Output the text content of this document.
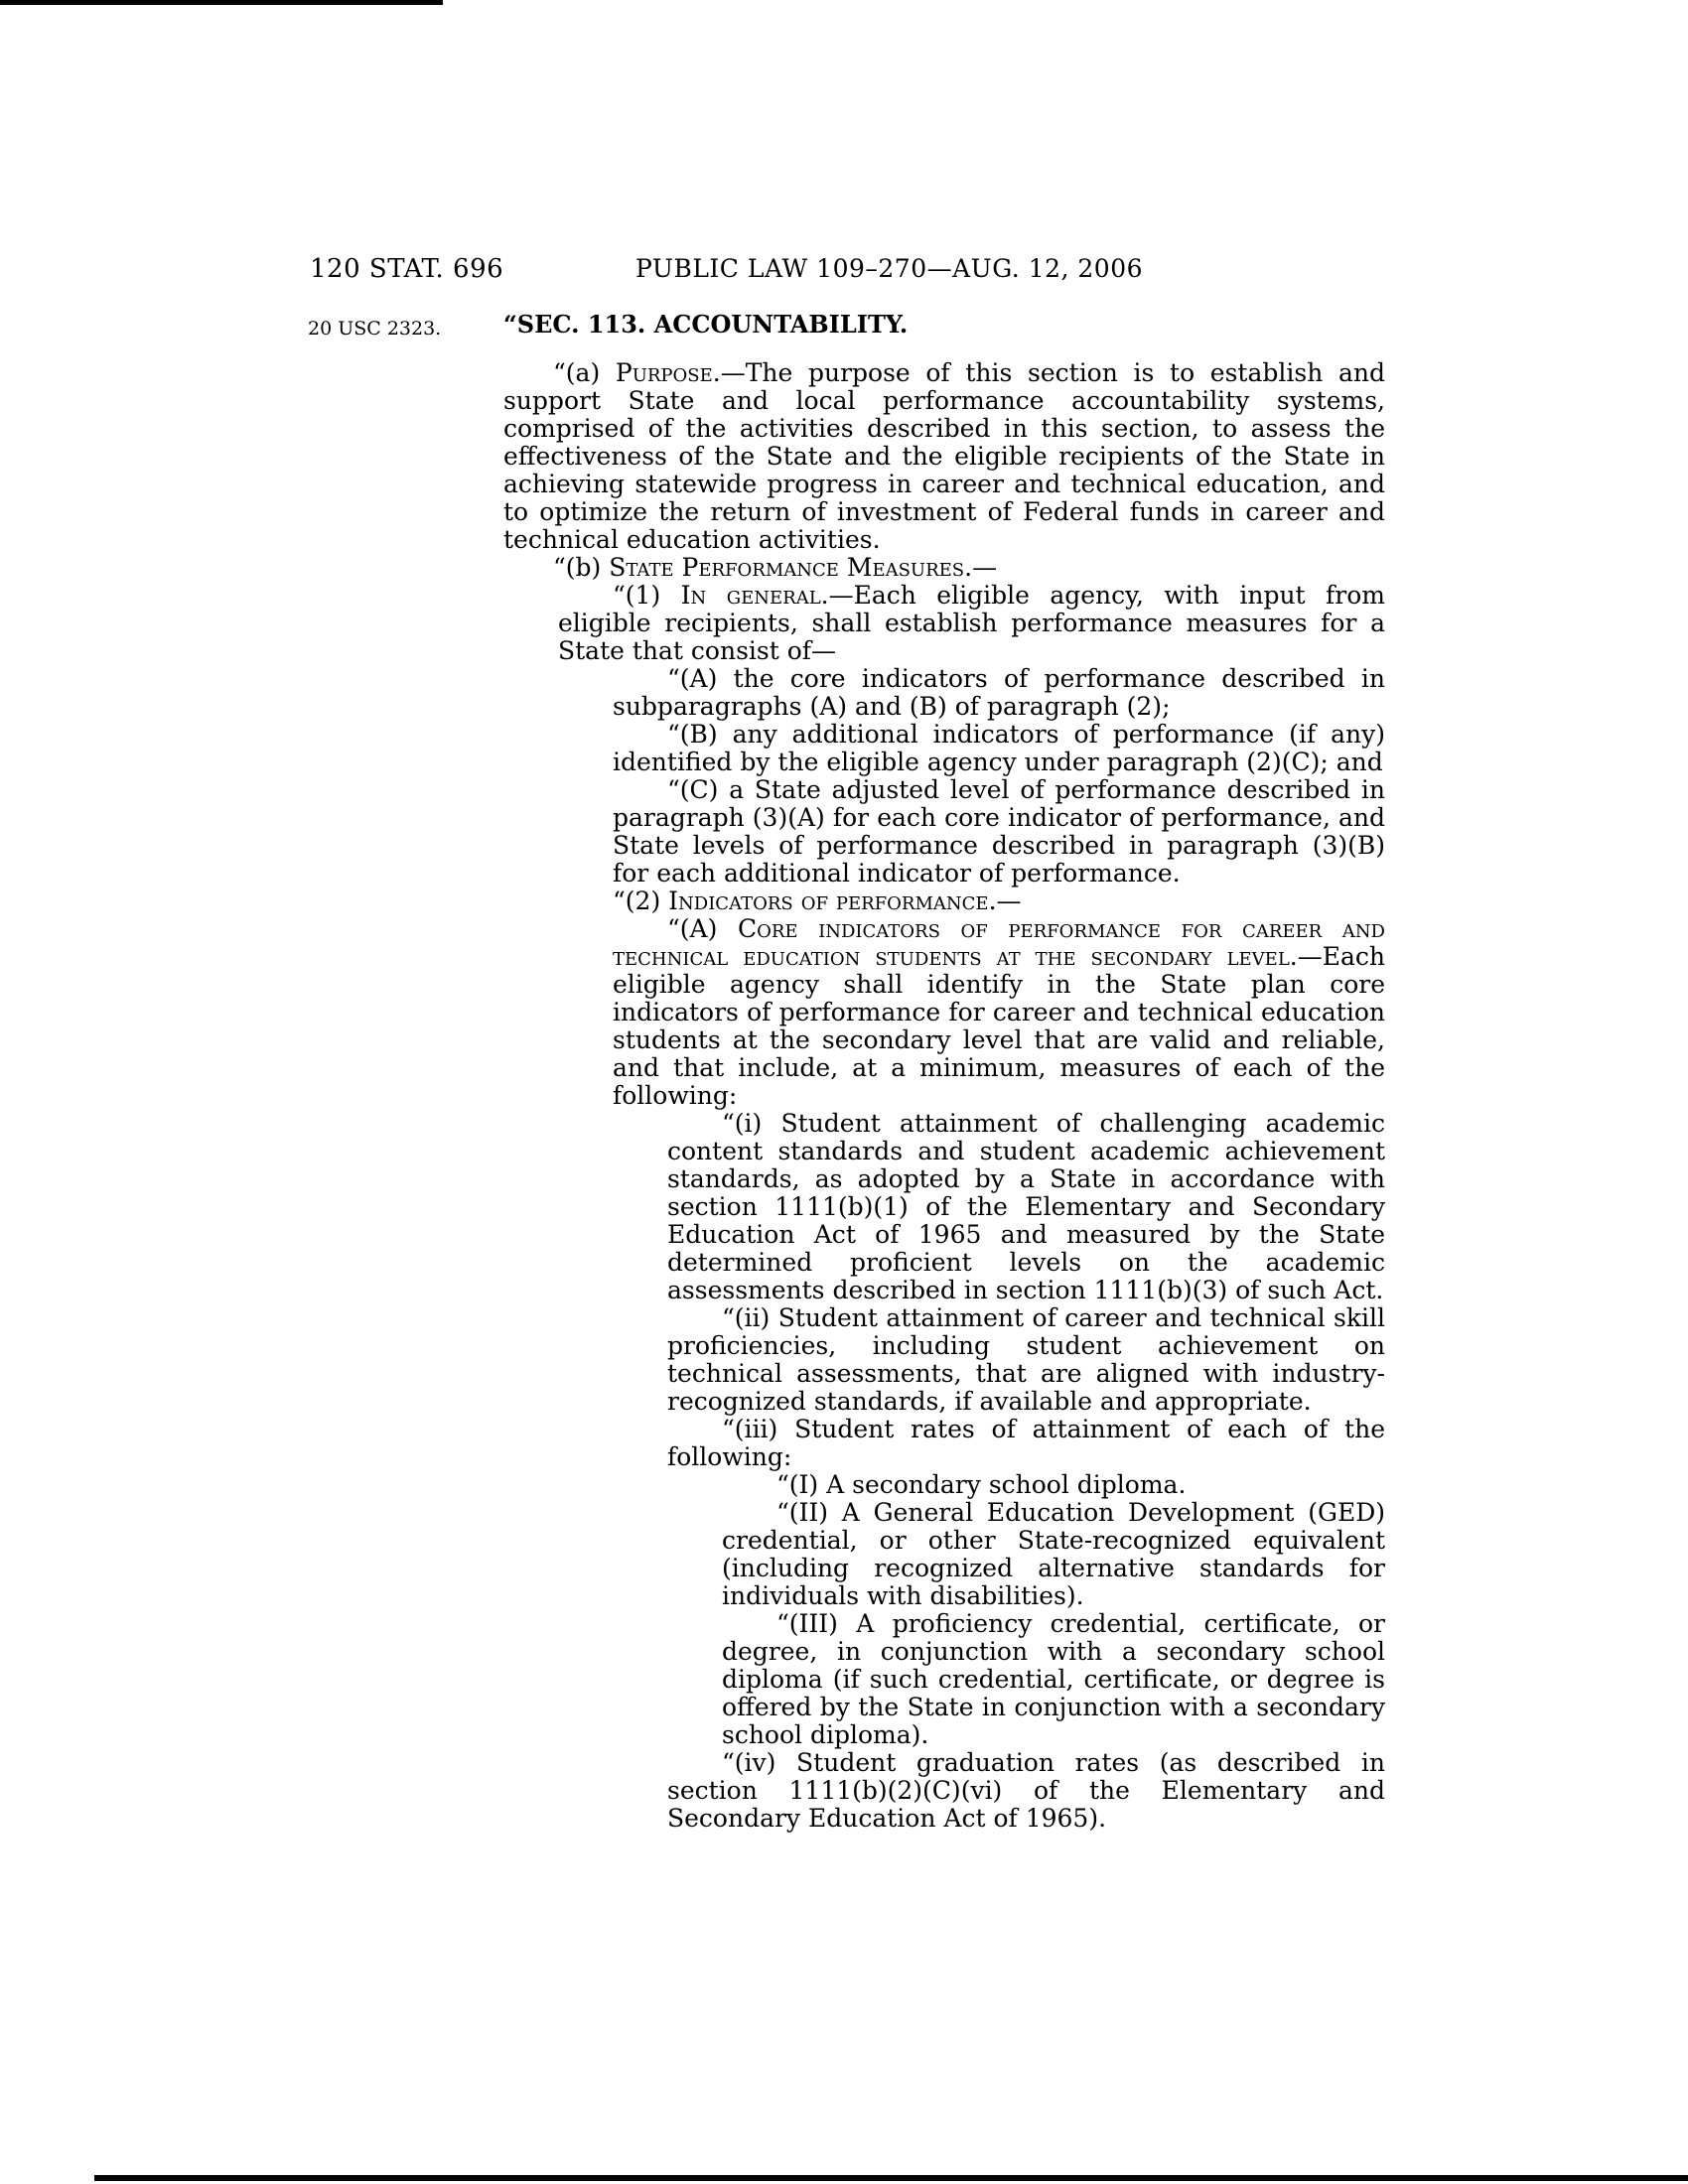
120 STAT. 696	PUBLIC LAW 109–270—AUG. 12, 2006
20 USC 2323.	“SEC. 113. ACCOUNTABILITY.

“(a) Purpose.—The purpose of this section is to establish and support State and local performance accountability systems, comprised of the activities described in this section, to assess the effectiveness of the State and the eligible recipients of the State in achieving statewide progress in career and technical education, and to optimize the return of investment of Federal funds in career and technical education activities.

“(b) State Performance Measures.—

“(1) In general.—Each eligible agency, with input from eligible recipients, shall establish performance measures for a State that consist of—

“(A) the core indicators of performance described in subparagraphs (A) and (B) of paragraph (2);

“(B) any additional indicators of performance (if any) identified by the eligible agency under paragraph (2)(C); and

“(C) a State adjusted level of performance described in paragraph (3)(A) for each core indicator of performance, and State levels of performance described in paragraph (3)(B) for each additional indicator of performance.

“(2) Indicators of performance.—

“(A) Core indicators of performance for career and technical education students at the secondary level.—Each eligible agency shall identify in the State plan core indicators of performance for career and technical education students at the secondary level that are valid and reliable, and that include, at a minimum, measures of each of the following:

“(i) Student attainment of challenging academic content standards and student academic achievement standards, as adopted by a State in accordance with section 1111(b)(1) of the Elementary and Secondary Education Act of 1965 and measured by the State determined proficient levels on the academic assessments described in section 1111(b)(3) of such Act.

“(ii) Student attainment of career and technical skill proficiencies, including student achievement on technical assessments, that are aligned with industry-recognized standards, if available and appropriate.

“(iii) Student rates of attainment of each of the following:

“(I) A secondary school diploma.

“(II) A General Education Development (GED) credential, or other State-recognized equivalent (including recognized alternative standards for individuals with disabilities).

“(III) A proficiency credential, certificate, or degree, in conjunction with a secondary school diploma (if such credential, certificate, or degree is offered by the State in conjunction with a secondary school diploma).

“(iv) Student graduation rates (as described in section 1111(b)(2)(C)(vi) of the Elementary and Secondary Education Act of 1965).
